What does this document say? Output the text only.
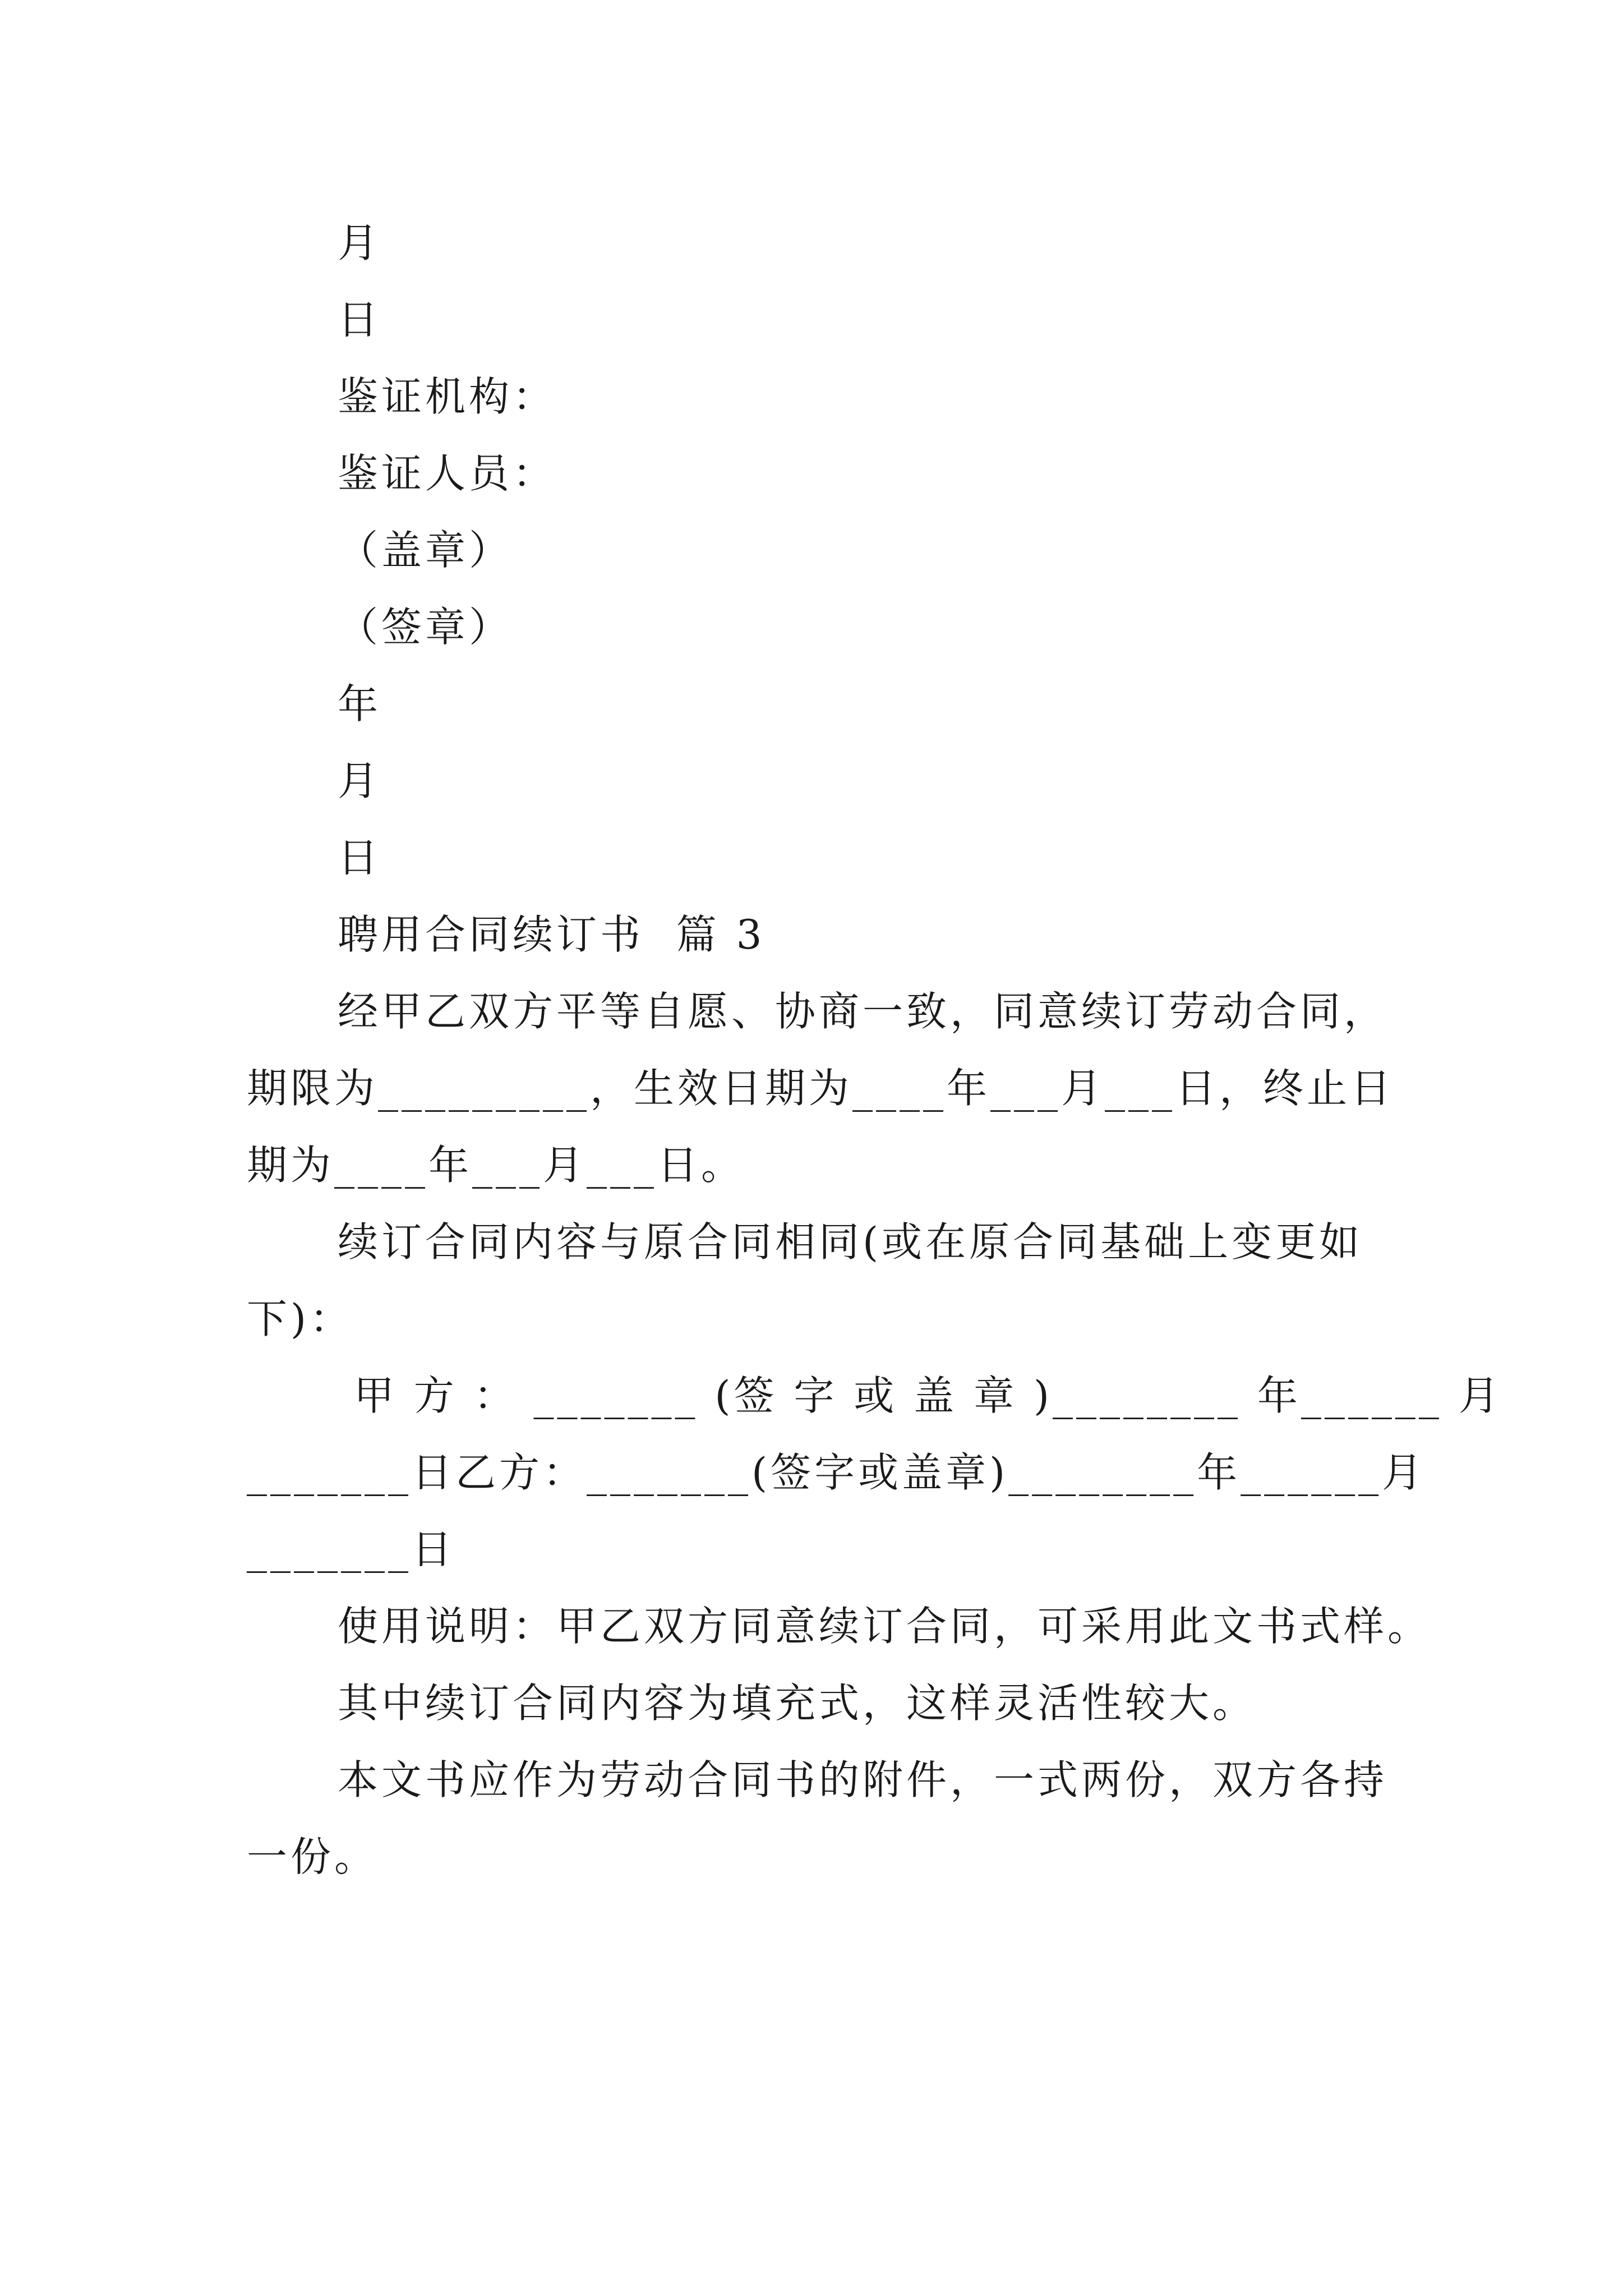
月
日
鉴证机构：
鉴证人员：
（盖章）
（签章）
年
月
日
聘用合同续订书  篇 3
经甲乙双方平等自愿、协商一致，同意续订劳动合同，
期限为_________，生效日期为____年___月___日，终止日
期为____年___月___日。
续订合同内容与原合同相同(或在原合同基础上变更如
下)：
甲 方 ： _______ (签 字 或 盖 章 )________ 年______ 月
_______日乙方：_______(签字或盖章)________年______月
_______日
使用说明：甲乙双方同意续订合同，可采用此文书式样。
其中续订合同内容为填充式，这样灵活性较大。
本文书应作为劳动合同书的附件，一式两份，双方各持
一份。
